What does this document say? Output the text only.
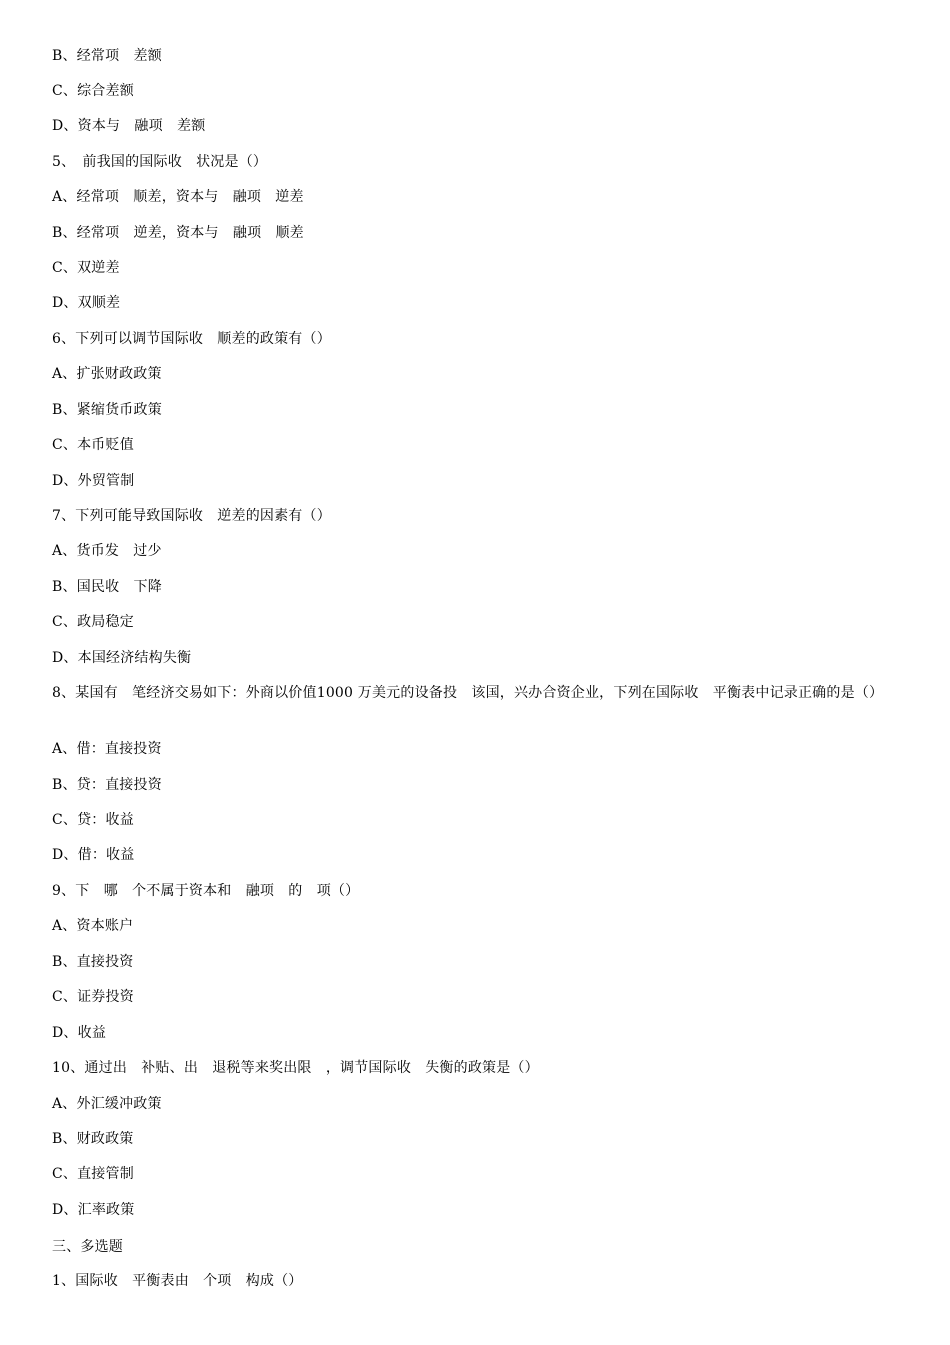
B、经常项　差额
C、综合差额
D、资本与　融项　差额
5、　前我国的国际收　状况是（）
A、经常项　顺差，资本与　融项　逆差
B、经常项　逆差，资本与　融项　顺差
C、双逆差
D、双顺差
6、下列可以调节国际收　顺差的政策有（）
A、扩张财政政策
B、紧缩货币政策
C、本币贬值
D、外贸管制
7、下列可能导致国际收　逆差的因素有（）
A、货币发　过少
B、国民收　下降
C、政局稳定
D、本国经济结构失衡
8、某国有　笔经济交易如下：外商以价值1000 万美元的设备投　该国，兴办合资企业，下列在国际收　平衡表中记录正确的是（）
A、借：直接投资
B、贷：直接投资
C、贷：收益
D、借：收益
9、下　哪　个不属于资本和　融项　的　项（）
A、资本账户
B、直接投资
C、证券投资
D、收益
10、通过出　补贴、出　退税等来奖出限　，调节国际收　失衡的政策是（）
A、外汇缓冲政策
B、财政政策
C、直接管制
D、汇率政策
三、多选题
1、国际收　平衡表由　个项　构成（）
